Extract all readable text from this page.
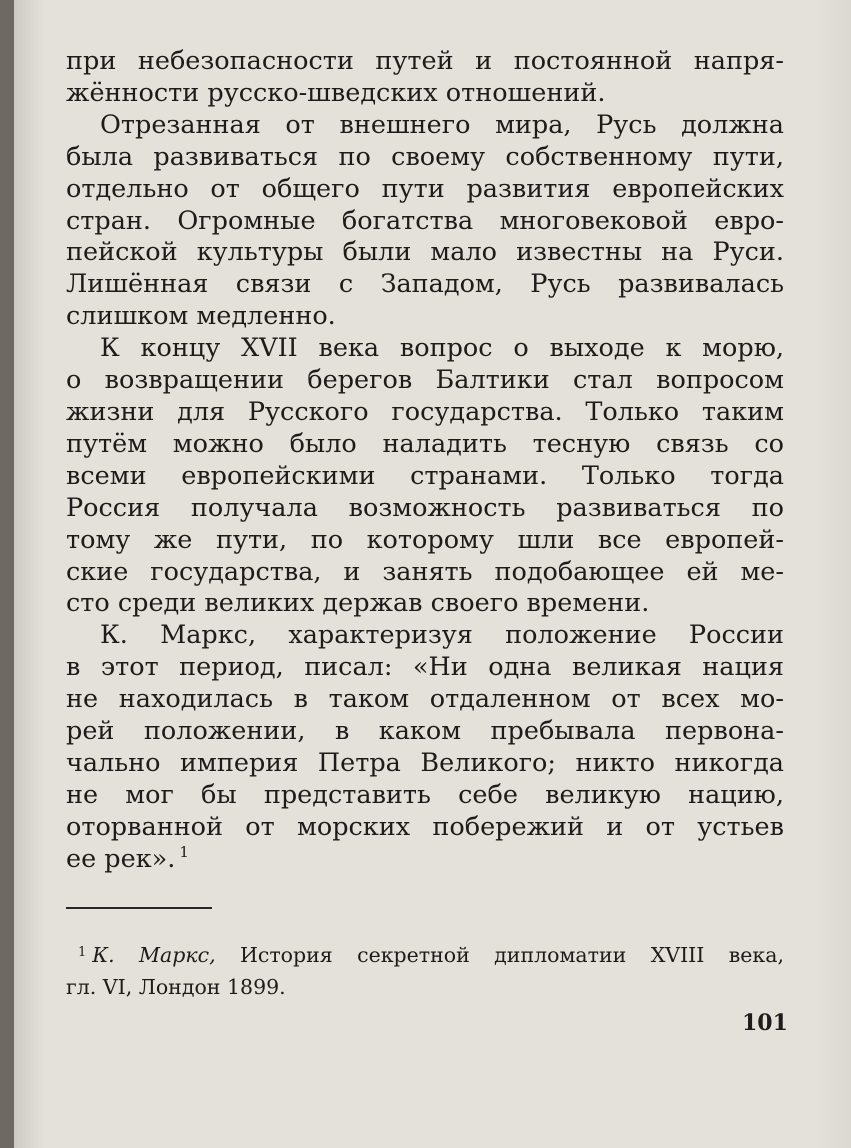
при небезопасности путей и постоянной напря-
жённости русско-шведских отношений.
Отрезанная от внешнего мира, Русь должна
была развиваться по своему собственному пути,
отдельно от общего пути развития европейских
стран. Огромные богатства многовековой евро-
пейской культуры были мало известны на Руси.
Лишённая связи с Западом, Русь развивалась
слишком медленно.
К концу XVII века вопрос о выходе к морю,
о возвращении берегов Балтики стал вопросом
жизни для Русского государства. Только таким
путём можно было наладить тесную связь со
всеми европейскими странами. Только тогда
Россия получала возможность развиваться по
тому же пути, по которому шли все европей-
ские государства, и занять подобающее ей ме-
сто среди великих держав своего времени.
К. Маркс, характеризуя положение России
в этот период, писал: «Ни одна великая нация
не находилась в таком отдаленном от всех мо-
рей положении, в каком пребывала первона-
чально империя Петра Великого; никто никогда
не мог бы представить себе великую нацию,
оторванной от морских побережий и от устьев
ее рек». $^1$
$^1$ К. Маркс, История секретной дипломатии XVIII века,
гл. VI, Лондон 1899.
101
